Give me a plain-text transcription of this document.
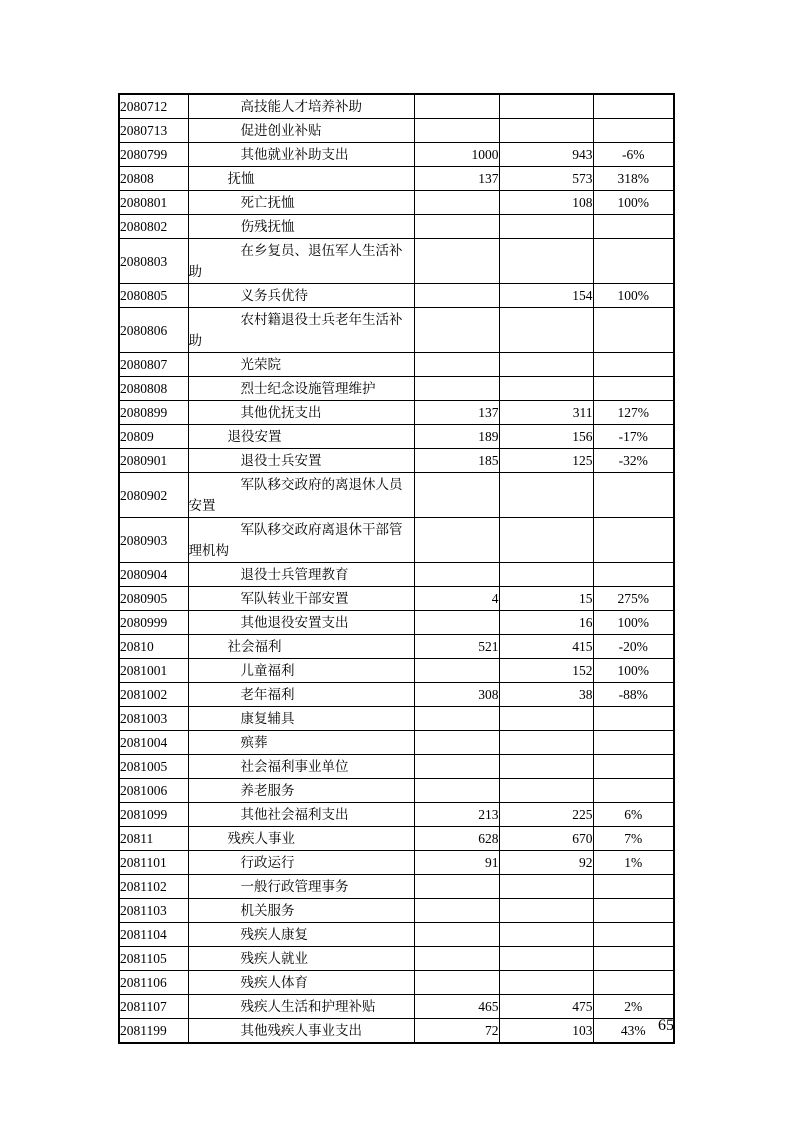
2080712	高技能人才培养补助			
2080713	促进创业补贴			
2080799	其他就业补助支出	1000	943	-6%
20808	抚恤	137	573	318%
2080801	死亡抚恤		108	100%
2080802	伤残抚恤			
2080803	在乡复员、退伍军人生活补助			
2080805	义务兵优待		154	100%
2080806	农村籍退役士兵老年生活补助			
2080807	光荣院			
2080808	烈士纪念设施管理维护			
2080899	其他优抚支出	137	311	127%
20809	退役安置	189	156	-17%
2080901	退役士兵安置	185	125	-32%
2080902	军队移交政府的离退休人员安置			
2080903	军队移交政府离退休干部管理机构			
2080904	退役士兵管理教育			
2080905	军队转业干部安置	4	15	275%
2080999	其他退役安置支出		16	100%
20810	社会福利	521	415	-20%
2081001	儿童福利		152	100%
2081002	老年福利	308	38	-88%
2081003	康复辅具			
2081004	殡葬			
2081005	社会福利事业单位			
2081006	养老服务			
2081099	其他社会福利支出	213	225	6%
20811	残疾人事业	628	670	7%
2081101	行政运行	91	92	1%
2081102	一般行政管理事务			
2081103	机关服务			
2081104	残疾人康复			
2081105	残疾人就业			
2081106	残疾人体育			
2081107	残疾人生活和护理补贴	465	475	2%
2081199	其他残疾人事业支出	72	103	43% 65
